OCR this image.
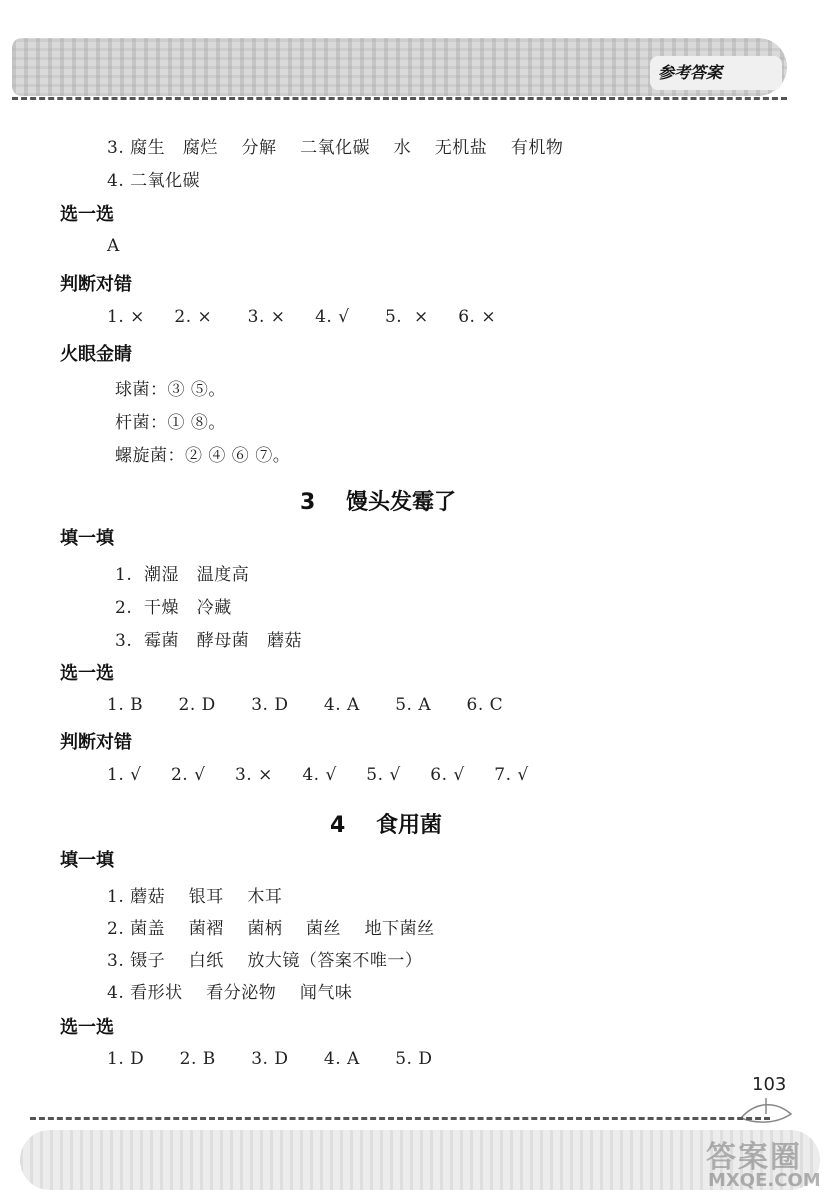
参考答案
3. 腐生   腐烂    分解    二氧化碳    水    无机盐    有机物
4. 二氧化碳
选一选
A
判断对错
1. ×     2. ×      3. ×     4. √      5.  ×     6. ×
火眼金睛
球菌：③ ⑤。
杆菌：① ⑧。
螺旋菌：② ④ ⑥ ⑦。
3    馒头发霉了
填一填
1.  潮湿   温度高
2.  干燥   冷藏
3.  霉菌   酵母菌   蘑菇
选一选
1. B      2. D      3. D      4. A      5. A      6. C
判断对错
1. √     2. √     3. ×     4. √     5. √     6. √     7. √
4    食用菌
填一填
1. 蘑菇    银耳    木耳
2. 菌盖    菌褶    菌柄    菌丝    地下菌丝
3. 镊子    白纸    放大镜（答案不唯一）
4. 看形状    看分泌物    闻气味
选一选
1. D      2. B      3. D      4. A      5. D
103
答案圈
MXQE.COM
